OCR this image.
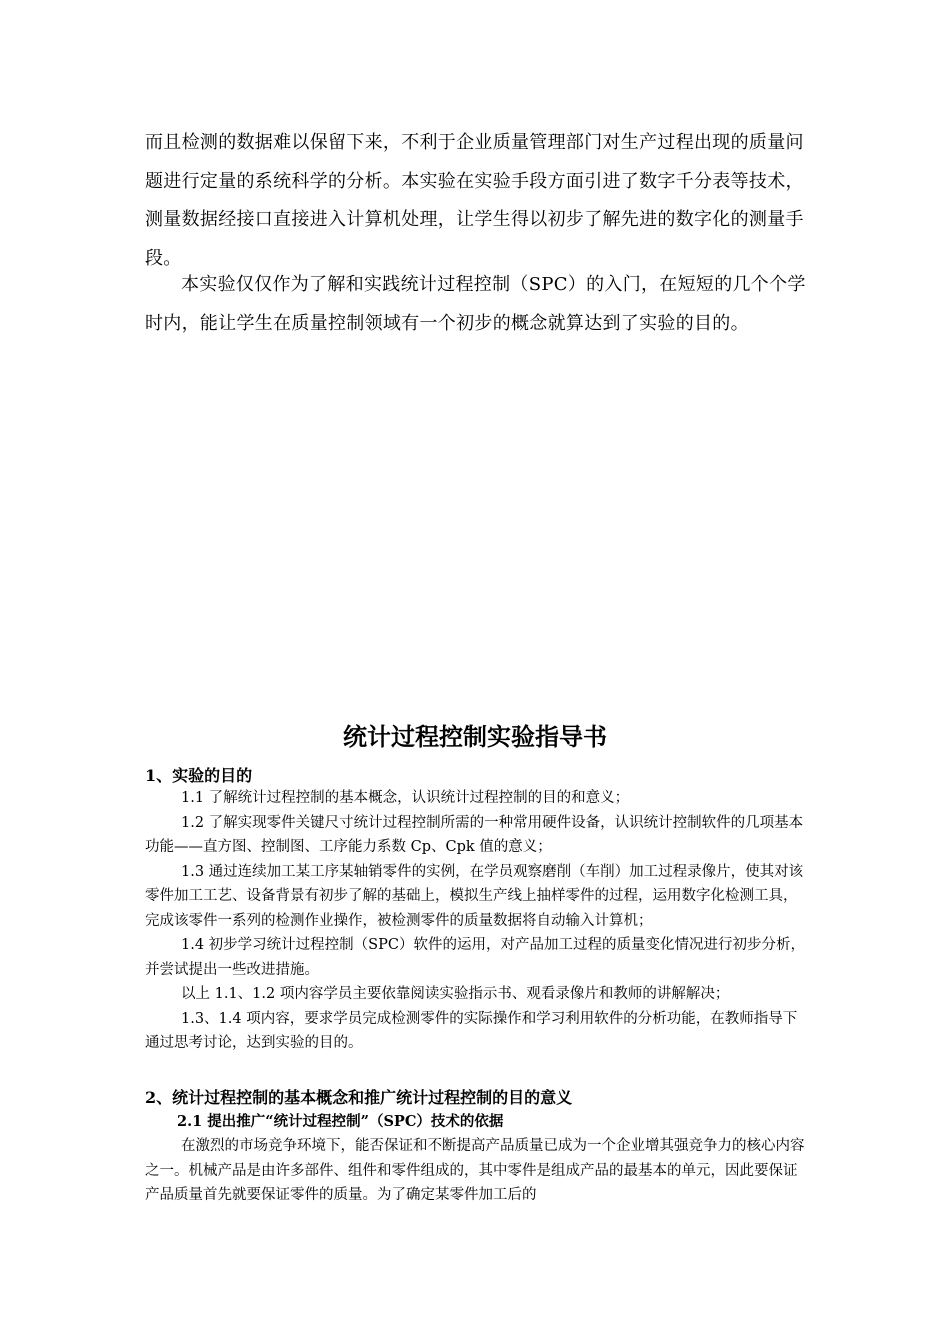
而且检测的数据难以保留下来，不利于企业质量管理部门对生产过程出现的质量问题进行定量的系统科学的分析。本实验在实验手段方面引进了数字千分表等技术，测量数据经接口直接进入计算机处理，让学生得以初步了解先进的数字化的测量手段。

本实验仅仅作为了解和实践统计过程控制（SPC）的入门，在短短的几个个学时内，能让学生在质量控制领域有一个初步的概念就算达到了实验的目的。

统计过程控制实验指导书
1、实验的目的

1.1 了解统计过程控制的基本概念，认识统计过程控制的目的和意义；

1.2 了解实现零件关键尺寸统计过程控制所需的一种常用硬件设备，认识统计控制软件的几项基本功能——直方图、控制图、工序能力系数 Cp、Cpk 值的意义；

1.3 通过连续加工某工序某轴销零件的实例，在学员观察磨削（车削）加工过程录像片，使其对该零件加工工艺、设备背景有初步了解的基础上，模拟生产线上抽样零件的过程，运用数字化检测工具，完成该零件一系列的检测作业操作，被检测零件的质量数据将自动输入计算机；

1.4 初步学习统计过程控制（SPC）软件的运用，对产品加工过程的质量变化情况进行初步分析，并尝试提出一些改进措施。

以上 1.1、1.2 项内容学员主要依靠阅读实验指示书、观看录像片和教师的讲解解决；

1.3、1.4 项内容，要求学员完成检测零件的实际操作和学习利用软件的分析功能，在教师指导下通过思考讨论，达到实验的目的。

2、统计过程控制的基本概念和推广统计过程控制的目的意义
2.1 提出推广“统计过程控制”（SPC）技术的依据

在激烈的市场竞争环境下，能否保证和不断提高产品质量已成为一个企业增其强竞争力的核心内容之一。机械产品是由许多部件、组件和零件组成的，其中零件是组成产品的最基本的单元，因此要保证产品质量首先就要保证零件的质量。为了确定某零件加工后的
